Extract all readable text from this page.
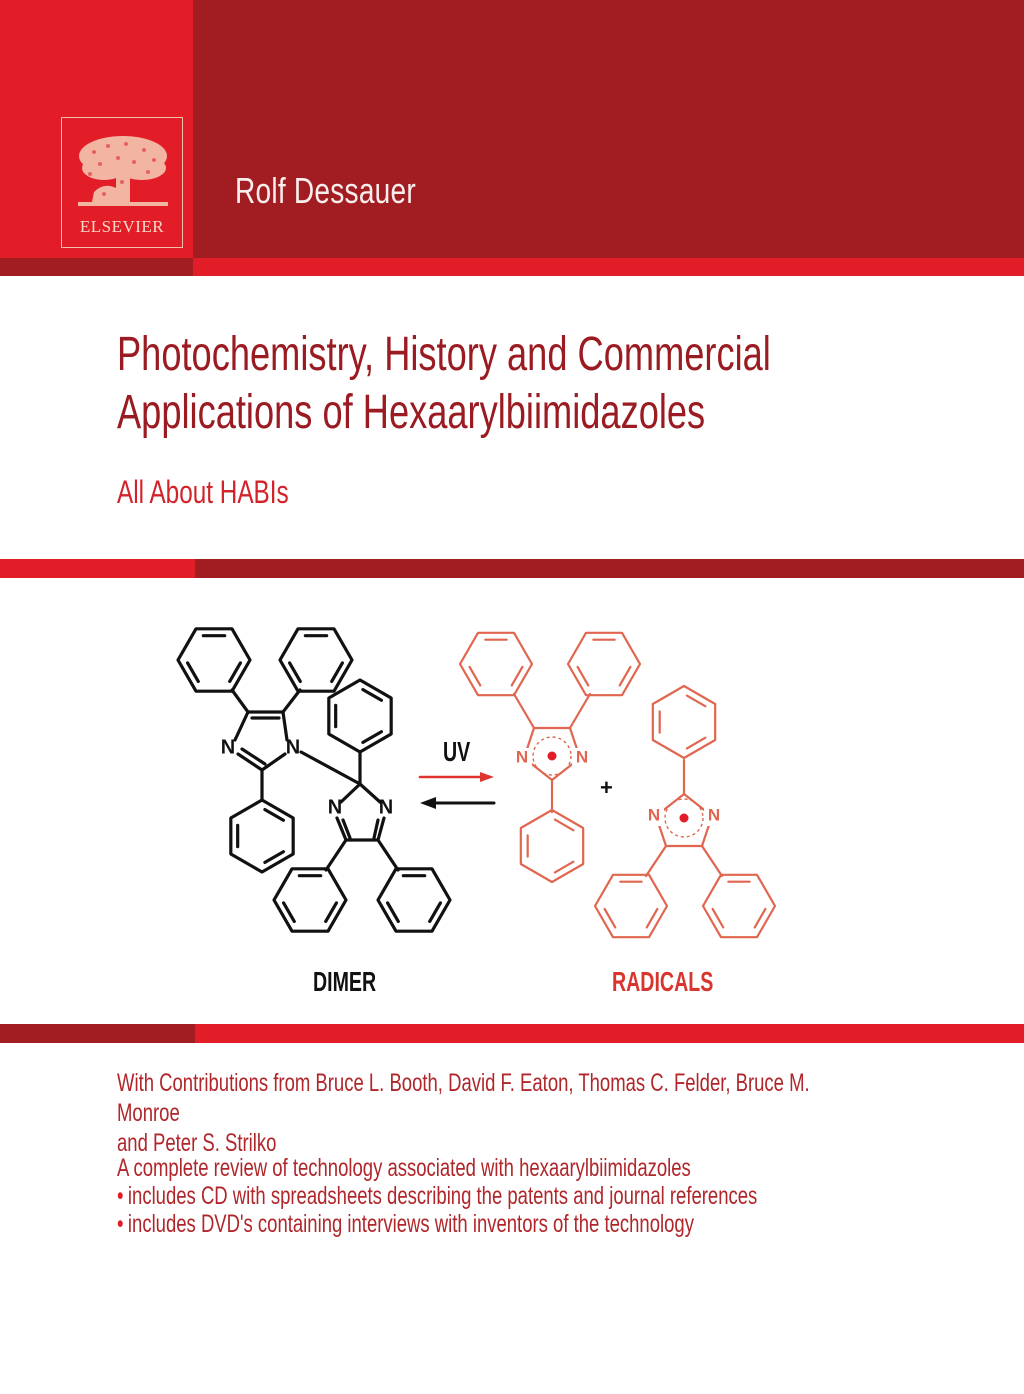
ELSEVIER
Rolf Dessauer
Photochemistry, History and Commercial
Applications of Hexaarylbiimidazoles
All About HABIs
N	N
N N
N	N
N	N
UV
+
DIMER	RADICALS
With Contributions from Bruce L. Booth, David F. Eaton, Thomas C. Felder, Bruce M. Monroe
and Peter S. Strilko
A complete review of technology associated with hexaarylbiimidazoles
• includes CD with spreadsheets describing the patents and journal references
• includes DVD's containing interviews with inventors of the technology
